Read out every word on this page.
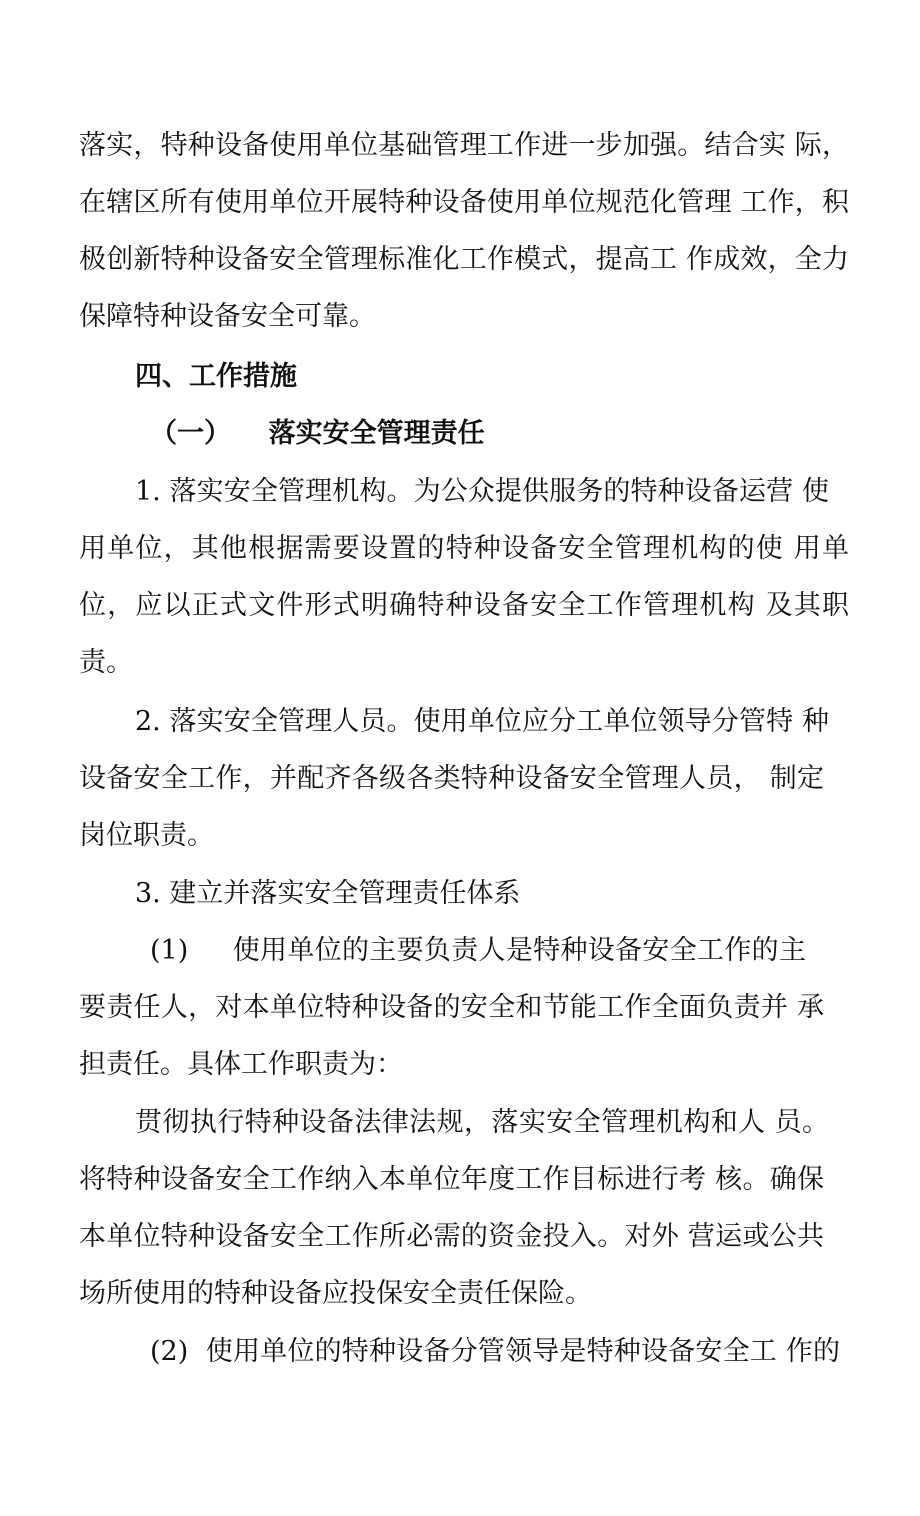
落实，特种设备使用单位基础管理工作进一步加强。结合实 际，
在辖区所有使用单位开展特种设备使用单位规范化管理 工作，积
极创新特种设备安全管理标准化工作模式，提高工 作成效，全力
保障特种设备安全可靠。
四、工作措施
（一）    落实安全管理责任
1. 落实安全管理机构。为公众提供服务的特种设备运营 使
用单位，其他根据需要设置的特种设备安全管理机构的使 用单
位，应以正式文件形式明确特种设备安全工作管理机构 及其职
责。
2. 落实安全管理人员。使用单位应分工单位领导分管特 种
设备安全工作，并配齐各级各类特种设备安全管理人员， 制定
岗位职责。
3. 建立并落实安全管理责任体系
(1)     使用单位的主要负责人是特种设备安全工作的主
要责任人，对本单位特种设备的安全和节能工作全面负责并 承
担责任。具体工作职责为：
贯彻执行特种设备法律法规，落实安全管理机构和人 员。
将特种设备安全工作纳入本单位年度工作目标进行考 核。确保
本单位特种设备安全工作所必需的资金投入。对外 营运或公共
场所使用的特种设备应投保安全责任保险。
(2)  使用单位的特种设备分管领导是特种设备安全工 作的
